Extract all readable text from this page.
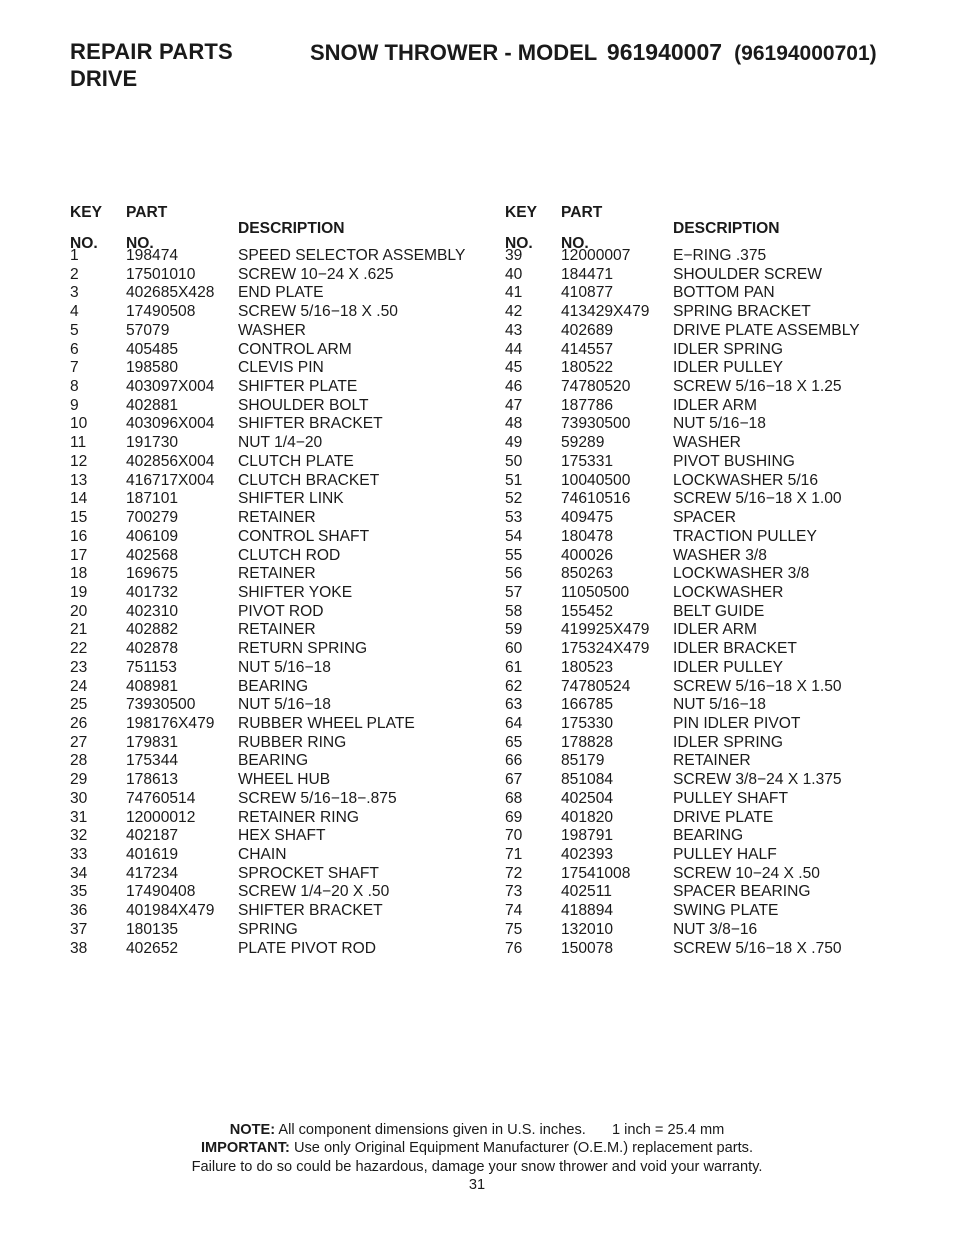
REPAIR PARTS
DRIVE
SNOW THROWER - MODEL 961940007 (96194000701)
KEY

NO.
PART

NO.
DESCRIPTION
1	198474	SPEED SELECTOR ASSEMBLY
2	17501010	SCREW 10−24 X .625
3	402685X428 END PLATE
4	17490508	SCREW 5/16−18 X .50
5	57079	WASHER
6	405485	CONTROL ARM
7	198580	CLEVIS PIN
8	403097X004 SHIFTER PLATE
9	402881	SHOULDER BOLT
10 403096X004 SHIFTER BRACKET
11	191730	NUT 1/4−20
12 402856X004 CLUTCH PLATE
13 416717X004 CLUTCH BRACKET
14 187101	SHIFTER LINK
15 700279	RETAINER
16 406109	CONTROL SHAFT
17 402568	CLUTCH ROD
18 169675	RETAINER
19 401732	SHIFTER YOKE
20 402310	PIVOT ROD
21 402882	RETAINER
22 402878	RETURN SPRING
23 751153	NUT 5/16−18
24 408981	BEARING
25 73930500	NUT 5/16−18
26 198176X479 RUBBER WHEEL PLATE
27 179831	RUBBER RING
28 175344	BEARING
29 178613	WHEEL HUB
30 74760514	SCREW 5/16−18−.875
31 12000012	RETAINER RING
32 402187	HEX SHAFT
33 401619	CHAIN
34 417234	SPROCKET SHAFT
35 17490408	SCREW 1/4−20 X .50
36 401984X479 SHIFTER BRACKET
37 180135	SPRING
38 402652	PLATE PIVOT ROD
KEY

NO.
PART

NO.
DESCRIPTION
39 12000007	E−RING .375
40 184471	SHOULDER SCREW
41 410877	BOTTOM PAN
42 413429X479 SPRING BRACKET
43 402689	DRIVE PLATE ASSEMBLY
44 414557	IDLER SPRING
45 180522	IDLER PULLEY
46 74780520	SCREW 5/16−18 X 1.25
47 187786	IDLER ARM
48 73930500	NUT 5/16−18
49 59289	WASHER
50 175331	PIVOT BUSHING
51 10040500	LOCKWASHER 5/16
52 74610516	SCREW 5/16−18 X 1.00
53 409475	SPACER
54 180478	TRACTION PULLEY
55 400026	WASHER 3/8
56 850263	LOCKWASHER 3/8
57 11050500	LOCKWASHER
58 155452	BELT GUIDE
59 419925X479 IDLER ARM
60 175324X479 IDLER BRACKET
61 180523	IDLER PULLEY
62 74780524	SCREW 5/16−18 X 1.50
63 166785	NUT 5/16−18
64 175330	PIN IDLER PIVOT
65 178828	IDLER SPRING
66 85179	RETAINER
67 851084	SCREW 3/8−24 X 1.375
68 402504	PULLEY SHAFT
69 401820	DRIVE PLATE
70 198791	BEARING
71 402393	PULLEY HALF
72 17541008	SCREW 10−24 X .50
73 402511	SPACER BEARING
74 418894	SWING PLATE
75 132010	NUT 3/8−16
76 150078	SCREW 5/16−18 X .750
NOTE: All component dimensions given in U.S. inches. 1 inch = 25.4 mm
IMPORTANT: Use only Original Equipment Manufacturer (O.E.M.) replacement parts.
Failure to do so could be hazardous, damage your snow thrower and void your warranty.
31
